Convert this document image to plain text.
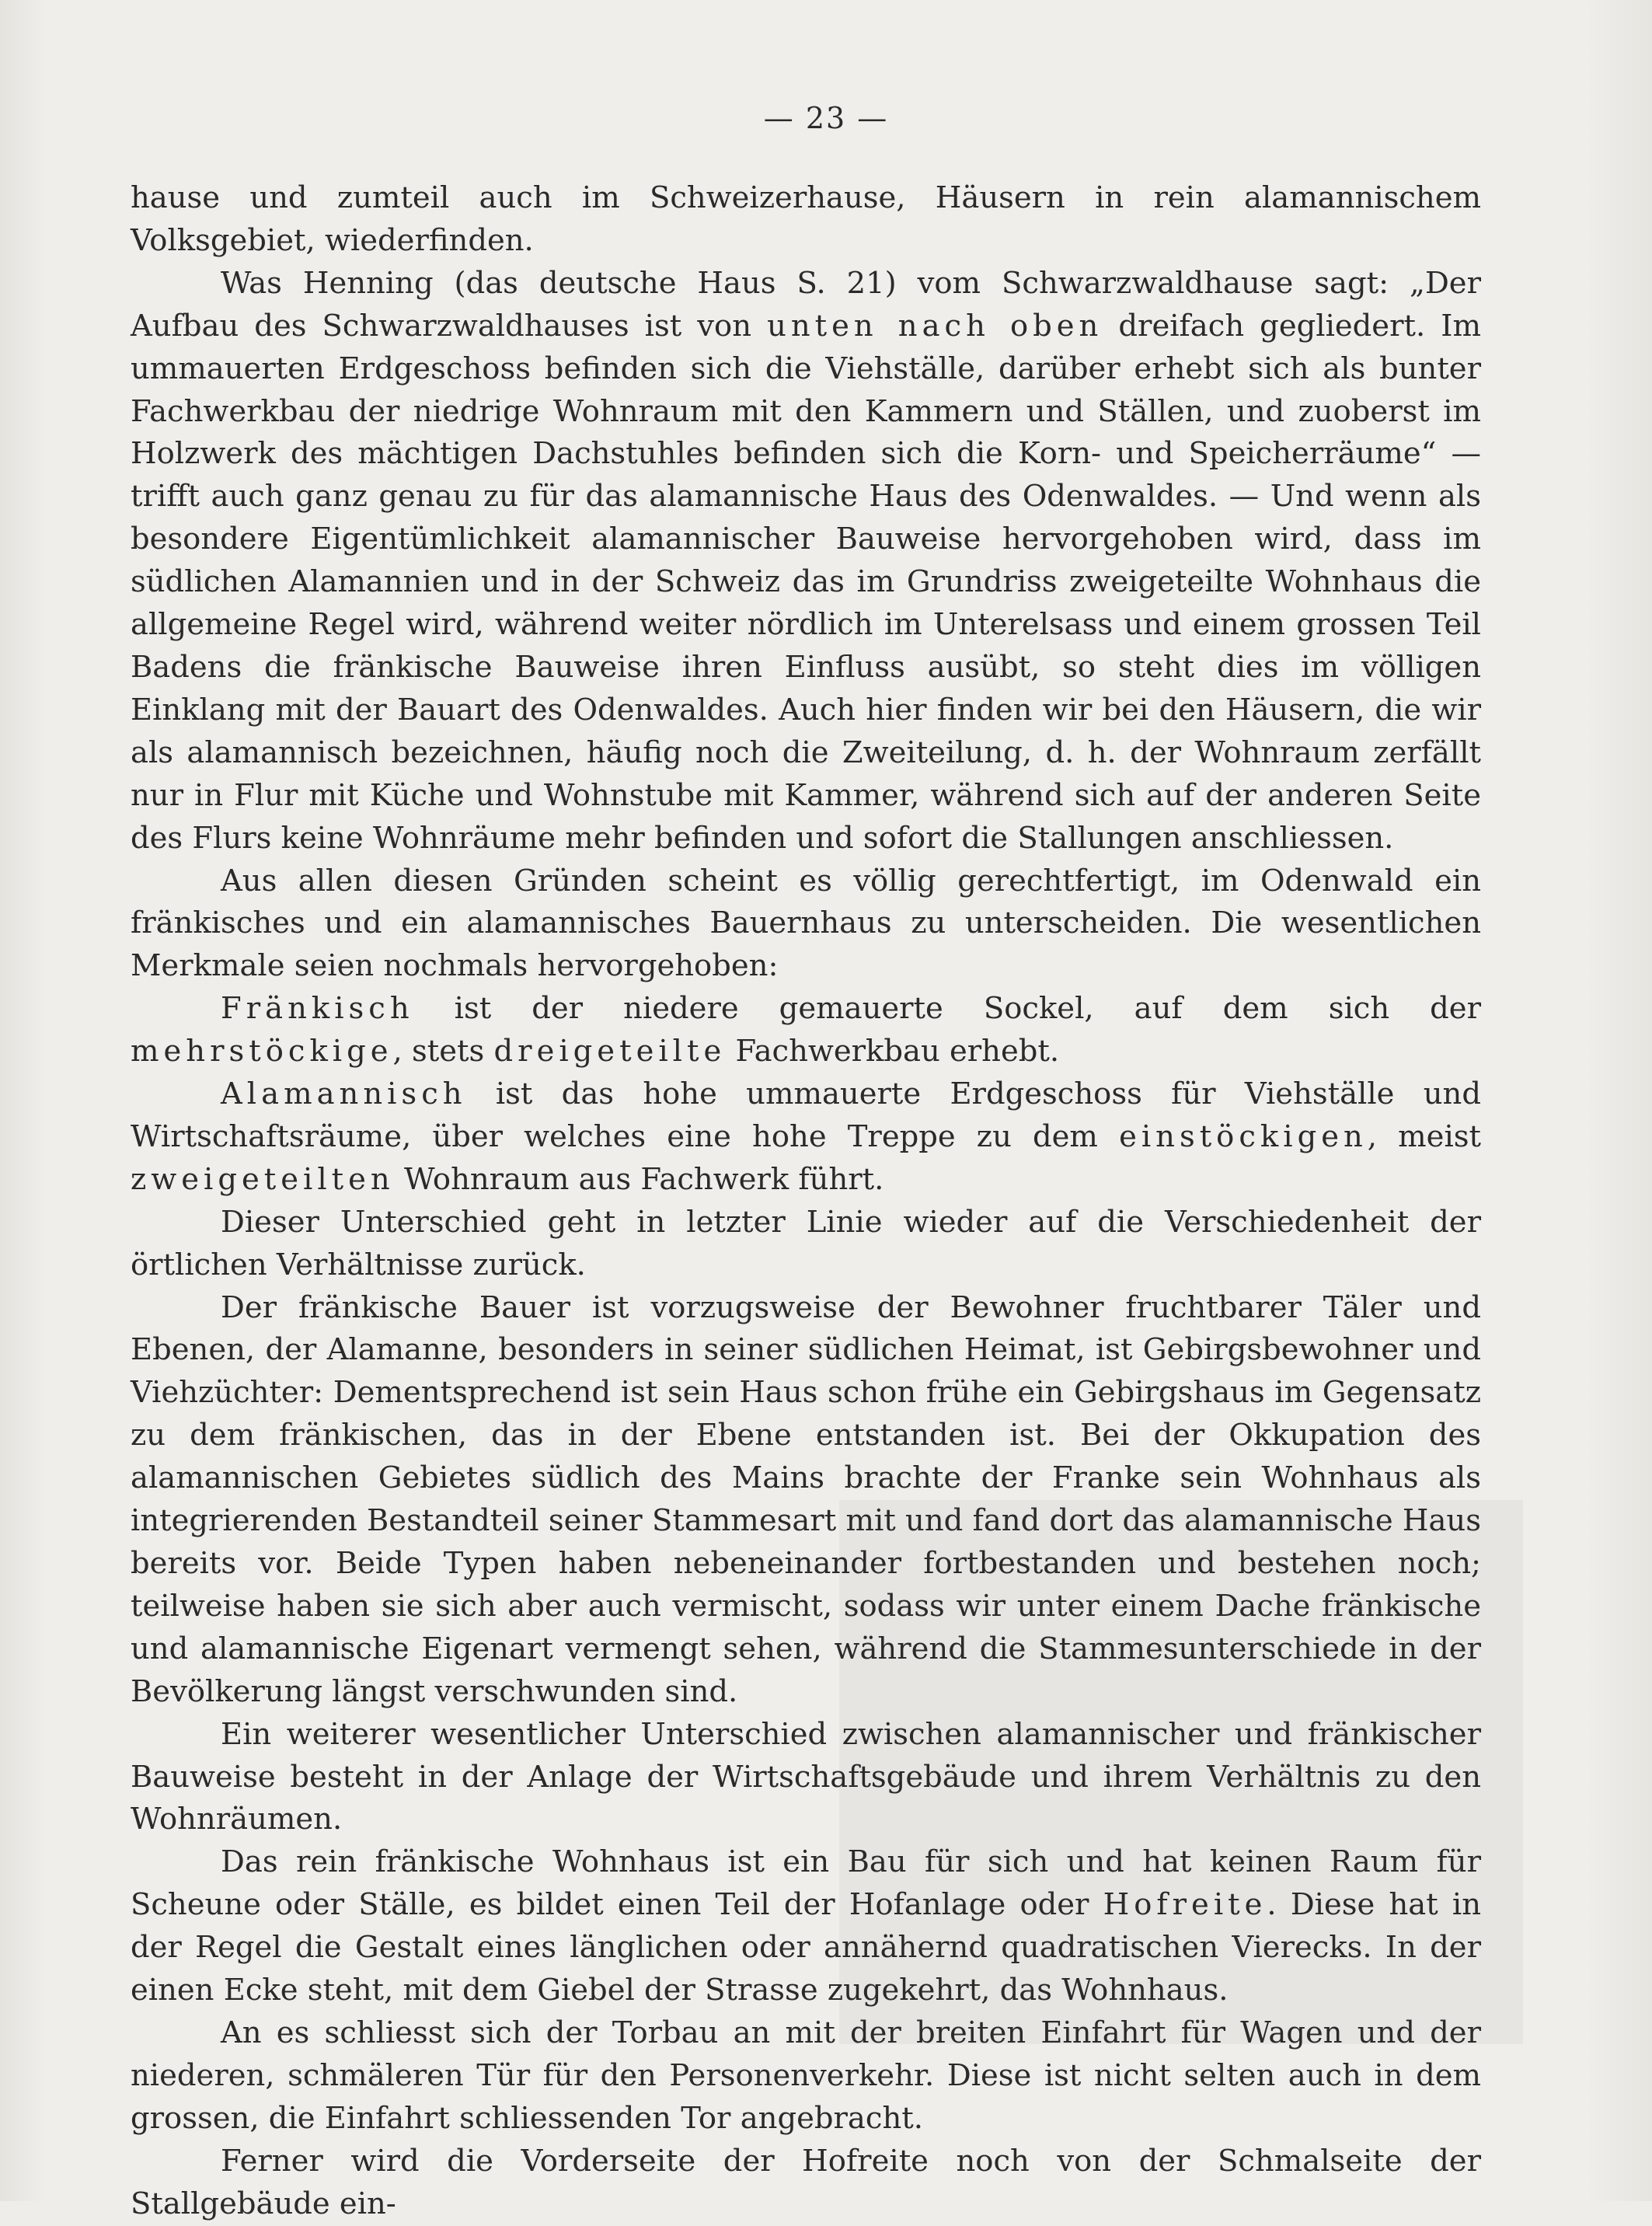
— 23 —

hause und zumteil auch im Schweizerhause, Häusern in rein alamannischem Volksgebiet, wiederfinden.

Was Henning (das deutsche Haus S. 21) vom Schwarzwaldhause sagt: „Der Aufbau des Schwarzwaldhauses ist von unten nach oben dreifach gegliedert. Im ummauerten Erdgeschoss befinden sich die Viehställe, darüber erhebt sich als bunter Fachwerkbau der niedrige Wohnraum mit den Kammern und Ställen, und zuoberst im Holzwerk des mächtigen Dachstuhles befinden sich die Korn- und Speicherräume“ — trifft auch ganz genau zu für das alamannische Haus des Odenwaldes. — Und wenn als besondere Eigentümlichkeit alamannischer Bauweise hervorgehoben wird, dass im südlichen Alamannien und in der Schweiz das im Grundriss zweigeteilte Wohnhaus die allgemeine Regel wird, während weiter nördlich im Unterelsass und einem grossen Teil Badens die fränkische Bauweise ihren Einfluss ausübt, so steht dies im völligen Einklang mit der Bauart des Odenwaldes. Auch hier finden wir bei den Häusern, die wir als alamannisch bezeichnen, häufig noch die Zweiteilung, d. h. der Wohnraum zerfällt nur in Flur mit Küche und Wohnstube mit Kammer, während sich auf der anderen Seite des Flurs keine Wohnräume mehr befinden und sofort die Stallungen anschliessen.

Aus allen diesen Gründen scheint es völlig gerechtfertigt, im Odenwald ein fränkisches und ein alamannisches Bauernhaus zu unterscheiden. Die wesentlichen Merkmale seien nochmals hervorgehoben:

Fränkisch ist der niedere gemauerte Sockel, auf dem sich der mehrstöckige, stets dreigeteilte Fachwerkbau erhebt.

Alamannisch ist das hohe ummauerte Erdgeschoss für Viehställe und Wirtschaftsräume, über welches eine hohe Treppe zu dem einstöckigen, meist zweigeteilten Wohnraum aus Fachwerk führt.

Dieser Unterschied geht in letzter Linie wieder auf die Verschiedenheit der örtlichen Verhältnisse zurück.

Der fränkische Bauer ist vorzugsweise der Bewohner fruchtbarer Täler und Ebenen, der Alamanne, besonders in seiner südlichen Heimat, ist Gebirgsbewohner und Viehzüchter: Dementsprechend ist sein Haus schon frühe ein Gebirgshaus im Gegensatz zu dem fränkischen, das in der Ebene entstanden ist. Bei der Okkupation des alamannischen Gebietes südlich des Mains brachte der Franke sein Wohnhaus als integrierenden Bestandteil seiner Stammesart mit und fand dort das alamannische Haus bereits vor. Beide Typen haben nebeneinander fortbestanden und bestehen noch; teilweise haben sie sich aber auch vermischt, sodass wir unter einem Dache fränkische und alamannische Eigenart vermengt sehen, während die Stammesunterschiede in der Bevölkerung längst verschwunden sind.

Ein weiterer wesentlicher Unterschied zwischen alamannischer und fränkischer Bauweise besteht in der Anlage der Wirtschaftsgebäude und ihrem Verhältnis zu den Wohnräumen.

Das rein fränkische Wohnhaus ist ein Bau für sich und hat keinen Raum für Scheune oder Ställe, es bildet einen Teil der Hofanlage oder Hofreite. Diese hat in der Regel die Gestalt eines länglichen oder annähernd quadratischen Vierecks. In der einen Ecke steht, mit dem Giebel der Strasse zugekehrt, das Wohnhaus.

An es schliesst sich der Torbau an mit der breiten Einfahrt für Wagen und der niederen, schmäleren Tür für den Personenverkehr. Diese ist nicht selten auch in dem grossen, die Einfahrt schliessenden Tor angebracht.

Ferner wird die Vorderseite der Hofreite noch von der Schmalseite der Stallgebäude ein-
